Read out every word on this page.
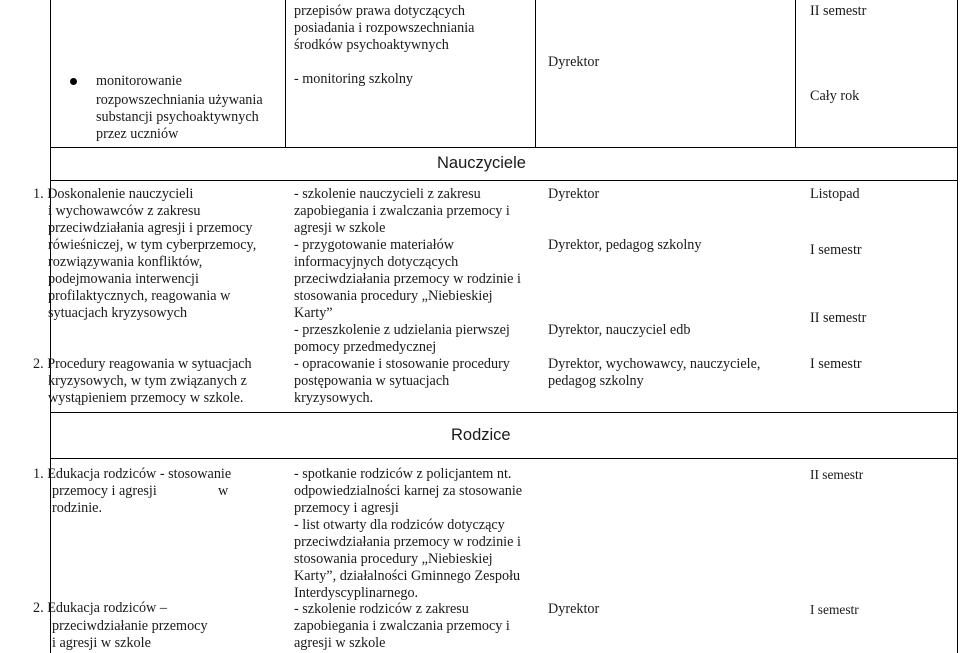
monitorowanie
rozpowszechniania używania
substancji psychoaktywnych
przez uczniów
przepisów prawa dotyczących
posiadania i rozpowszechniania
środków psychoaktywnych
- monitoring szkolny
Dyrektor
II semestr
Cały rok
Nauczyciele
1. Doskonalenie nauczycieli
i wychowawców z zakresu
przeciwdziałania agresji i przemocy
rówieśniczej, w tym cyberprzemocy,
rozwiązywania konfliktów,
podejmowania interwencji
profilaktycznych, reagowania w
sytuacjach kryzysowych
2. Procedury reagowania w sytuacjach
kryzysowych, w tym związanych z
wystąpieniem przemocy w szkole.
- szkolenie nauczycieli z zakresu
zapobiegania i zwalczania przemocy i
agresji w szkole
- przygotowanie materiałów
informacyjnych dotyczących
przeciwdziałania przemocy w rodzinie i
stosowania procedury „Niebieskiej
Karty”
- przeszkolenie z udzielania pierwszej
pomocy przedmedycznej
- opracowanie i stosowanie procedury
postępowania w sytuacjach
kryzysowych.
Dyrektor
Dyrektor, pedagog szkolny
Dyrektor, nauczyciel edb
Dyrektor, wychowawcy, nauczyciele,
pedagog szkolny
Listopad
I semestr
II semestr
I semestr
Rodzice
1. Edukacja rodziców - stosowanie
przemocy i agresji	w
rodzinie.
2. Edukacja rodziców –
przeciwdziałanie przemocy
i agresji w szkole
- spotkanie rodziców z policjantem nt.
odpowiedzialności karnej za stosowanie
przemocy i agresji
- list otwarty dla rodziców dotyczący
przeciwdziałania przemocy w rodzinie i
stosowania procedury „Niebieskiej
Karty”, działalności Gminnego Zespołu
Interdyscyplinarnego.
- szkolenie rodziców z zakresu
zapobiegania i zwalczania przemocy i
agresji w szkole
Dyrektor
II semestr
I semestr
